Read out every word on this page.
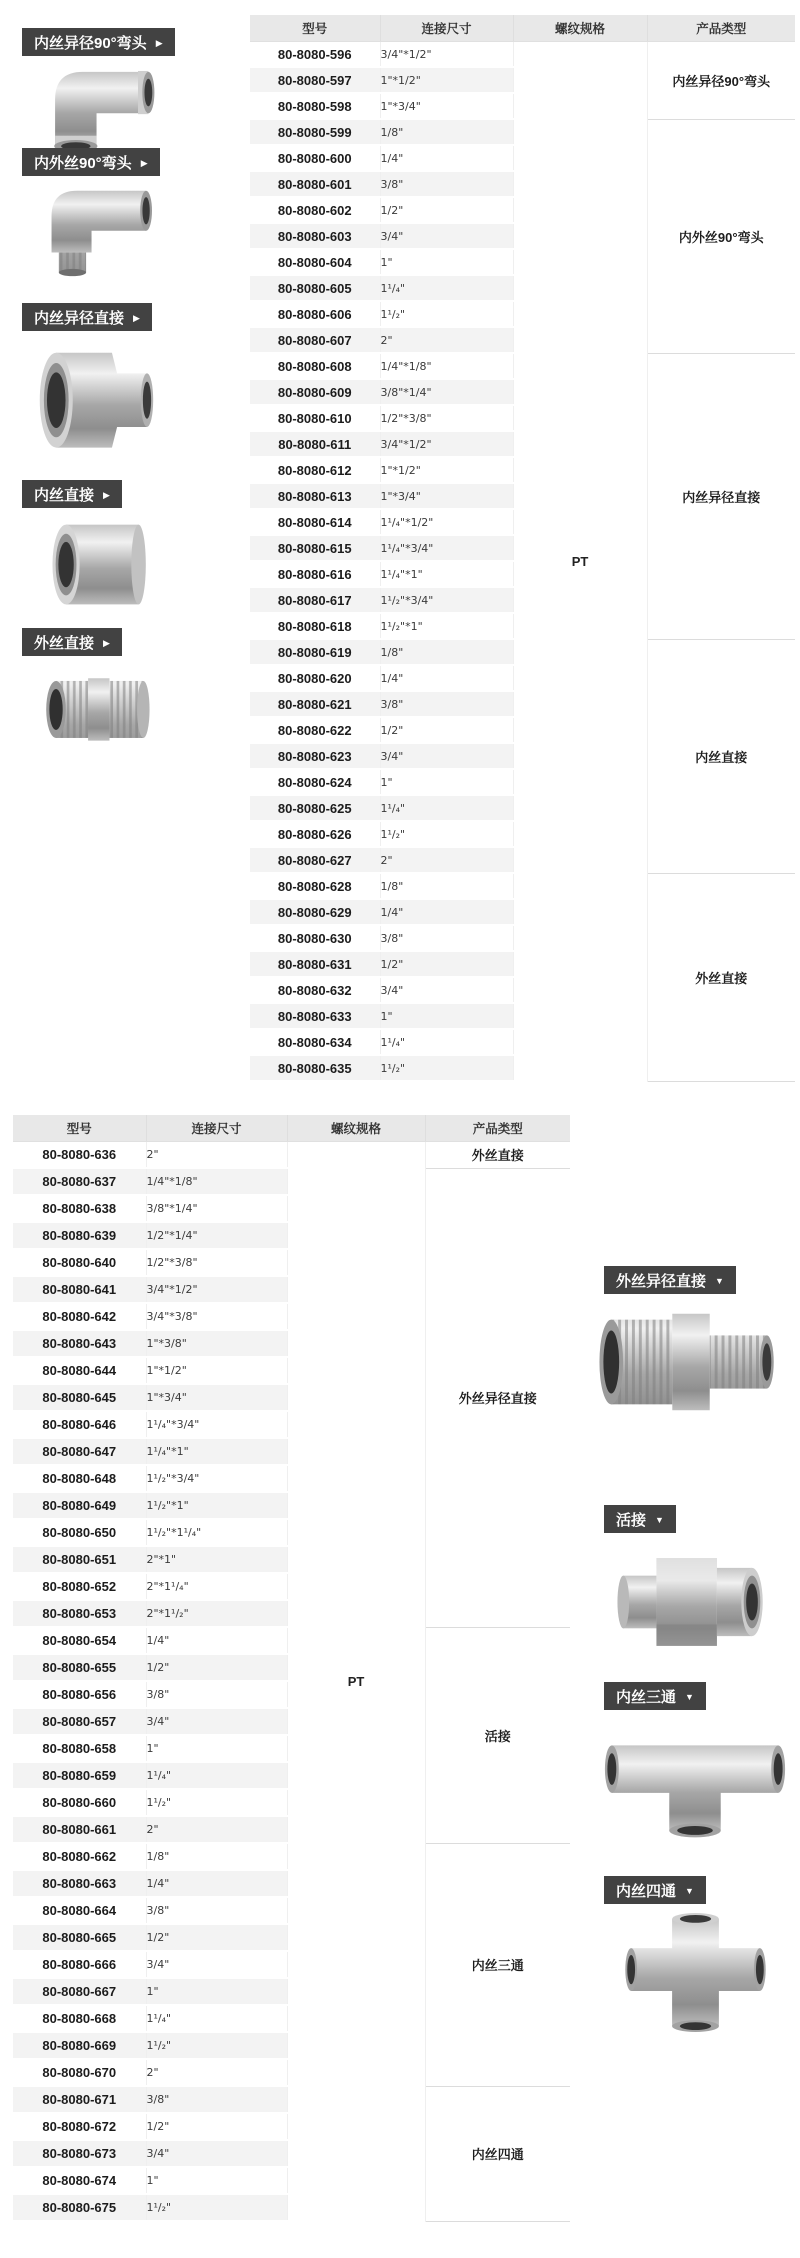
内丝异径90°弯头 ▶
内外丝90°弯头 ▶
内丝异径直接 ▶
内丝直接 ▶
外丝直接 ▶
型号	连接尺寸	螺纹规格	产品类型
80-8080-596	3/4"*1/2"	PT	内丝异径90°弯头
80-8080-597	1"*1/2"		
80-8080-598	1"*3/4"		
80-8080-599	1/8"		内外丝90°弯头
80-8080-600	1/4"		
80-8080-601	3/8"		
80-8080-602	1/2"		
80-8080-603	3/4"		
80-8080-604	1"		
80-8080-605	1¹/₄"		
80-8080-606	1¹/₂"		
80-8080-607	2"		
80-8080-608	1/4"*1/8"		内丝异径直接
80-8080-609	3/8"*1/4"		
80-8080-610	1/2"*3/8"		
80-8080-611	3/4"*1/2"		
80-8080-612	1"*1/2"		
80-8080-613	1"*3/4"		
80-8080-614	1¹/₄"*1/2"		
80-8080-615	1¹/₄"*3/4"		
80-8080-616	1¹/₄"*1"		
80-8080-617	1¹/₂"*3/4"		
80-8080-618	1¹/₂"*1"		
80-8080-619	1/8"		内丝直接
80-8080-620	1/4"		
80-8080-621	3/8"		
80-8080-622	1/2"		
80-8080-623	3/4"		
80-8080-624	1"		
80-8080-625	1¹/₄"		
80-8080-626	1¹/₂"		
80-8080-627	2"		
80-8080-628	1/8"		外丝直接
80-8080-629	1/4"		
80-8080-630	3/8"		
80-8080-631	1/2"		
80-8080-632	3/4"		
80-8080-633	1"		
80-8080-634	1¹/₄"		
80-8080-635	1¹/₂"		
型号	连接尺寸	螺纹规格	产品类型
80-8080-636	2"	PT	外丝直接
80-8080-637	1/4"*1/8"		外丝异径直接
80-8080-638	3/8"*1/4"		
80-8080-639	1/2"*1/4"		
80-8080-640	1/2"*3/8"		
80-8080-641	3/4"*1/2"		
80-8080-642	3/4"*3/8"		
80-8080-643	1"*3/8"		
80-8080-644	1"*1/2"		
80-8080-645	1"*3/4"		
80-8080-646	1¹/₄"*3/4"		
80-8080-647	1¹/₄"*1"		
80-8080-648	1¹/₂"*3/4"		
80-8080-649	1¹/₂"*1"		
80-8080-650	1¹/₂"*1¹/₄"		
80-8080-651	2"*1"		
80-8080-652	2"*1¹/₄"		
80-8080-653	2"*1¹/₂"		
80-8080-654	1/4"		活接
80-8080-655	1/2"		
80-8080-656	3/8"		
80-8080-657	3/4"		
80-8080-658	1"		
80-8080-659	1¹/₄"		
80-8080-660	1¹/₂"		
80-8080-661	2"		
80-8080-662	1/8"		内丝三通
80-8080-663	1/4"		
80-8080-664	3/8"		
80-8080-665	1/2"		
80-8080-666	3/4"		
80-8080-667	1"		
80-8080-668	1¹/₄"		
80-8080-669	1¹/₂"		
80-8080-670	2"		
80-8080-671	3/8"		内丝四通
80-8080-672	1/2"		
80-8080-673	3/4"		
80-8080-674	1"		
80-8080-675	1¹/₂"		
外丝异径直接 ▼
活接 ▼
内丝三通 ▼
内丝四通 ▼
